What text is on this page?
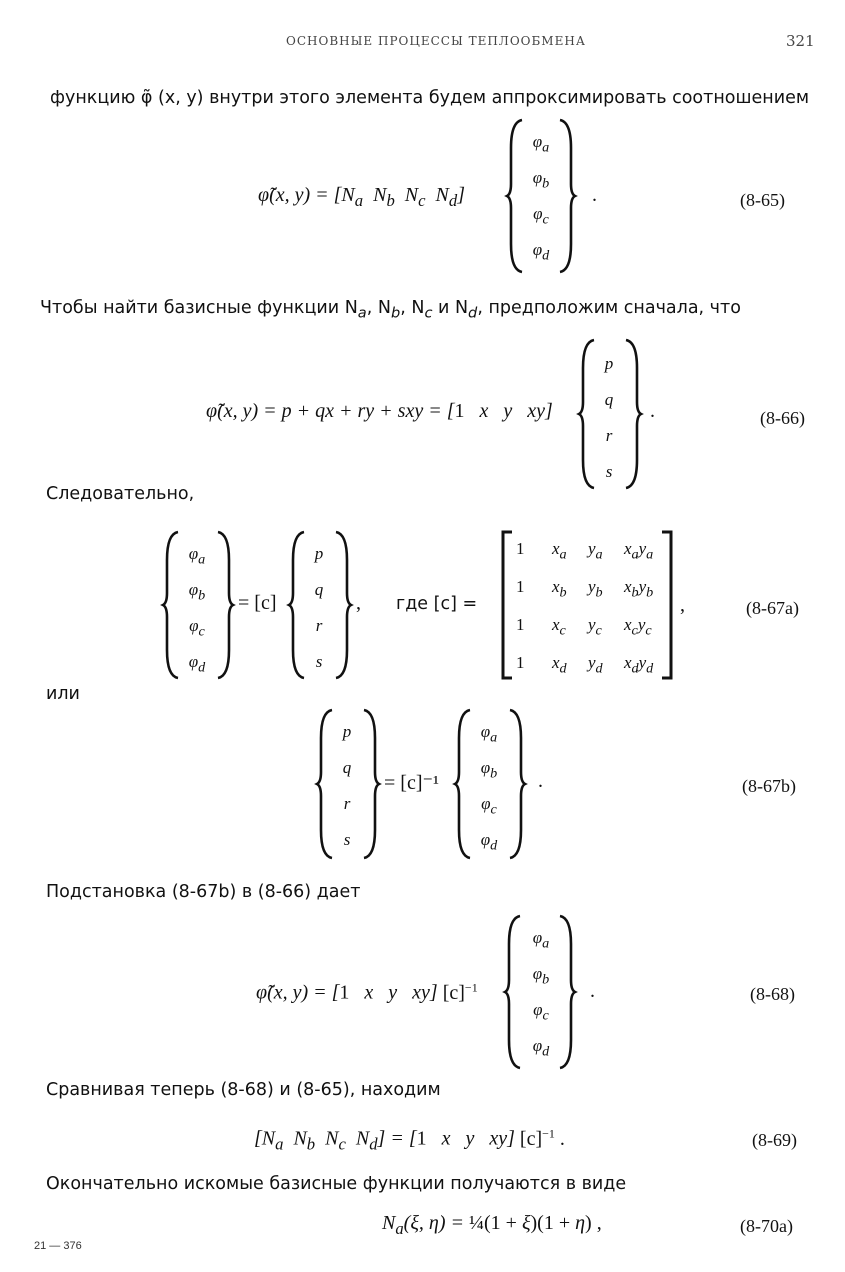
ОСНОВНЫЕ ПРОЦЕССЫ ТЕПЛООБМЕНА	321
функцию φ̃ (x, y) внутри этого элемента будем аппроксимировать соотношением
φ̃(x, $y) = [N_a$  $N_b$  $N_c$  $N_d$]
$\varphi_a$
$\varphi_b$
$\varphi_c$
$\varphi_d$
.	(8-65)
Чтобы найти базисные функции $N_a$, $N_b$, $N_c$ и $N_d$, предположим сначала, что
φ̃(x, y) = p + qx + ry + sxy = [1   x   y   xy]
p
q
r
s
.	(8-66)
Следовательно,
$\varphi_a$
$\varphi_b$
$\varphi_c$
$\varphi_d$
= [c]
p
q
r
s
, где [c] =
1	$x_a$	$y_a$	$x_ay_a$
1	$x_b$	$y_b$	$x_by_b$
1	$x_c$	$y_c$	$x_cy_c$
1	$x_d$	$y_d$	$x_dy_d$
,	(8-67a)
или
p
q
r
s
= [c]⁻¹
$\varphi_a$
$\varphi_b$
$\varphi_c$
$\varphi_d$
.	(8-67b)
Подстановка (8-67b) в (8-66) дает
φ̃(x, y) = [1   x   y   xy] $[c]^{-1}$
$\varphi_a$
$\varphi_b$
$\varphi_c$
$\varphi_d$
.	(8-68)
Сравнивая теперь (8-68) и (8-65), находим
[$N_a$  $N_b$  $N_c$  $N_d] = [1$   x   y   xy] $[c]^{-1}$ .	(8-69)
Окончательно искомые базисные функции получаются в виде
$N_a(\xi$, η) = ¼(1 + ξ)(1 + η) ,	(8-70a)
21 — 376
